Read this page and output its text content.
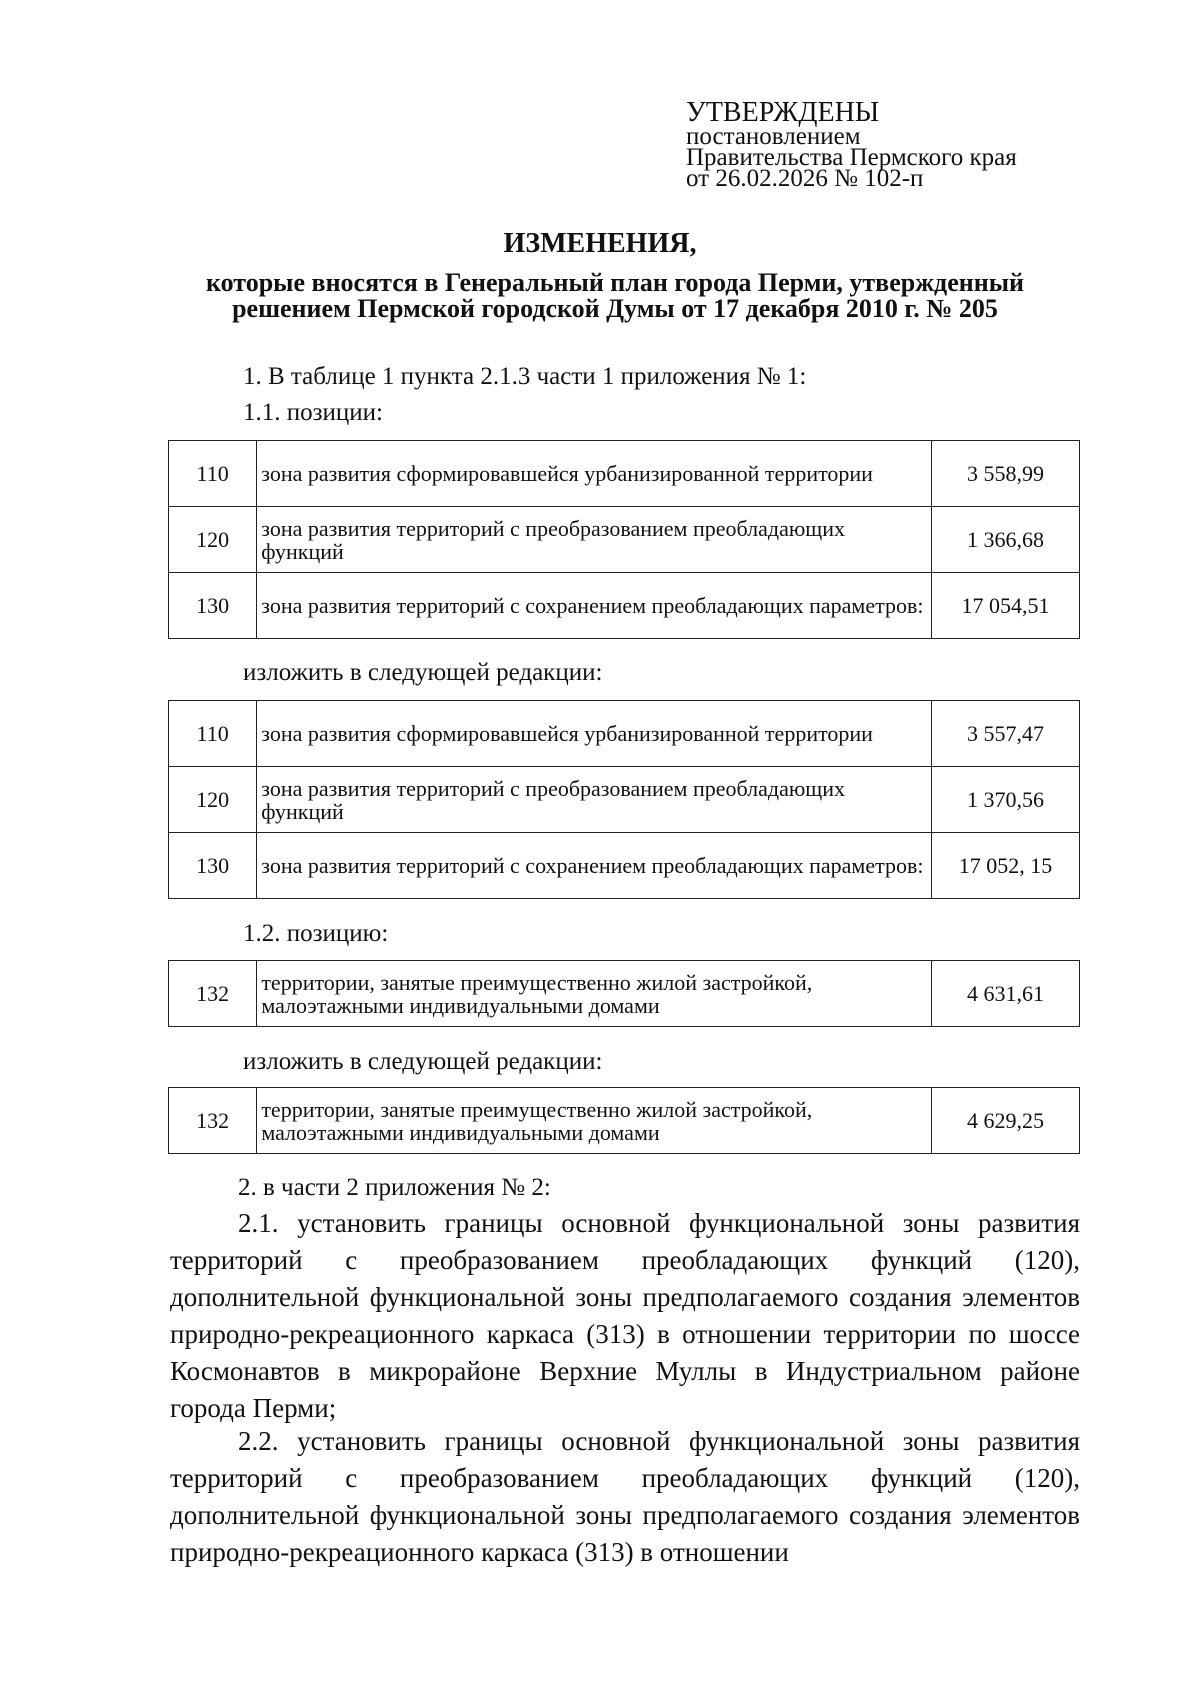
УТВЕРЖДЕНЫ
постановлением
Правительства Пермского края
от 26.02.2026 № 102-п
ИЗМЕНЕНИЯ,
которые вносятся в Генеральный план города Перми, утвержденный
решением Пермской городской Думы от 17 декабря 2010 г. № 205
1. В таблице 1 пункта 2.1.3 части 1 приложения № 1:
1.1. позиции:
110	зона развития сформировавшейся урбанизированной территории	3 558,99
120	зона развития территорий с преобразованием преобладающих функций	1 366,68
130	зона развития территорий с сохранением преобладающих параметров:	17 054,51
изложить в следующей редакции:
110	зона развития сформировавшейся урбанизированной территории	3 557,47
120	зона развития территорий с преобразованием преобладающих функций	1 370,56
130	зона развития территорий с сохранением преобладающих параметров:	17 052, 15
1.2. позицию:
132	территории, занятые преимущественно жилой застройкой, малоэтажными индивидуальными домами	4 631,61
изложить в следующей редакции:
132	территории, занятые преимущественно жилой застройкой, малоэтажными индивидуальными домами	4 629,25
2. в части 2 приложения № 2:
2.1. установить границы основной функциональной зоны развития территорий с преобразованием преобладающих функций (120), дополнительной функциональной зоны предполагаемого создания элементов природно-рекреационного каркаса (313) в отношении территории по шоссе Космонавтов в микрорайоне Верхние Муллы в Индустриальном районе города Перми;
2.2. установить границы основной функциональной зоны развития территорий с преобразованием преобладающих функций (120), дополнительной функциональной зоны предполагаемого создания элементов природно-рекреационного каркаса (313) в отношении
